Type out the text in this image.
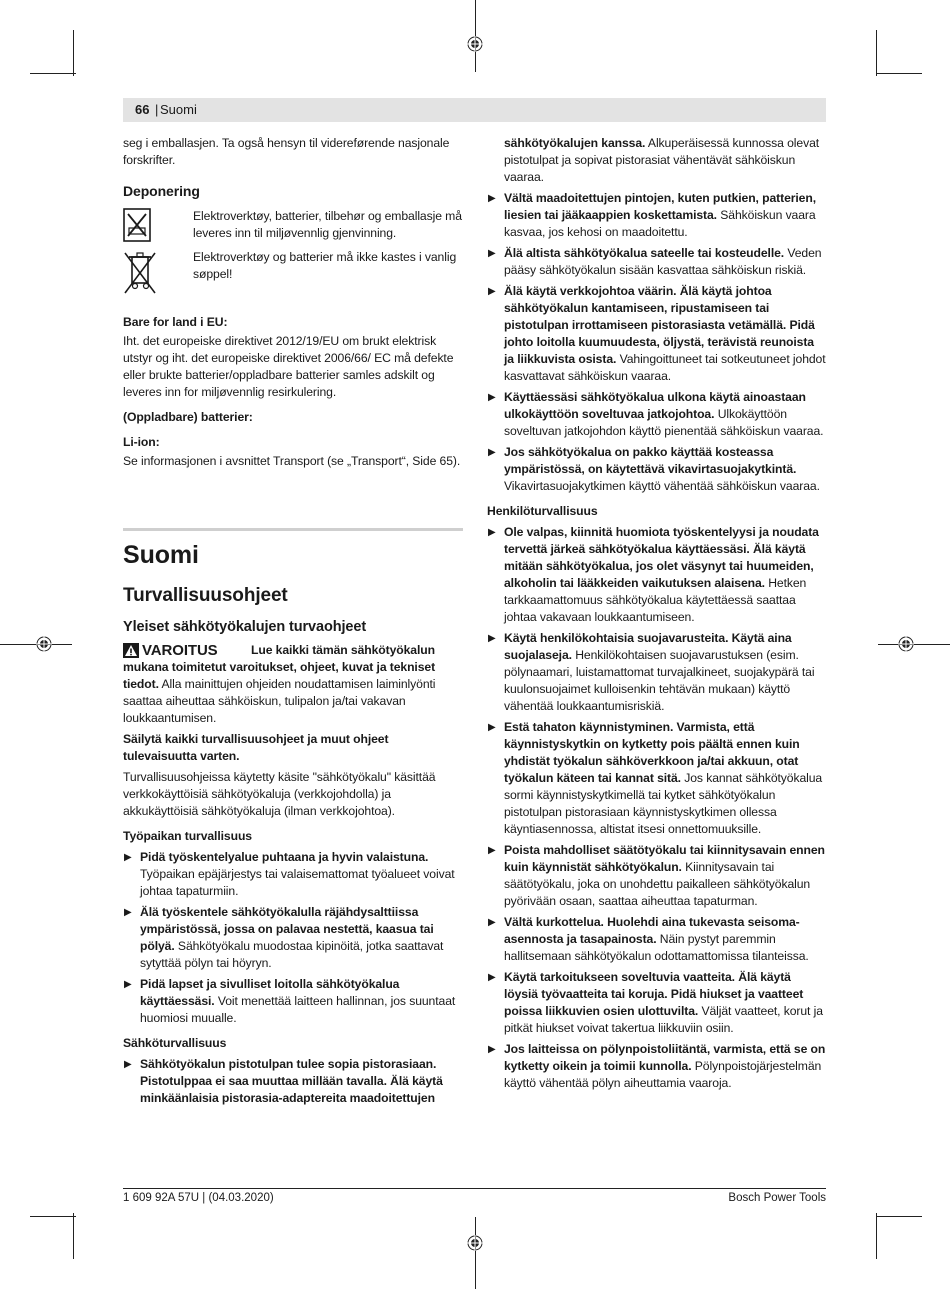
66 | Suomi

seg i emballasjen. Ta også hensyn til videreførende nasjonale forskrifter.

Deponering
Elektroverktøy, batterier, tilbehør og emballasje må leveres inn til miljøvennlig gjenvinning.
Elektroverktøy og batterier må ikke kastes i vanlig søppel!

Bare for land i EU:

Iht. det europeiske direktivet 2012/19/EU om brukt elektrisk utstyr og iht. det europeiske direktivet 2006/66/ EC må defekte eller brukte batterier/oppladbare batterier samles adskilt og leveres inn for miljøvennlig resirkulering.

(Oppladbare) batterier:

Li-ion:

Se informasjonen i avsnittet Transport (se „Transport“, Side 65).

Suomi
Turvallisuusohjeet
Yleiset sähkötyökalujen turvaohjeet
VAROITUS	Lue kaikki tämän sähkötyökalun mukana toimitetut varoitukset, ohjeet, kuvat ja tekniset tiedot. Alla mainittujen ohjeiden noudattamisen laiminlyönti saattaa aiheuttaa sähköiskun, tulipalon ja/tai vakavan loukkaantumisen.

Säilytä kaikki turvallisuusohjeet ja muut ohjeet tulevaisuutta varten.

Turvallisuusohjeissa käytetty käsite "sähkötyökalu" käsittää verkkokäyttöisiä sähkötyökaluja (verkkojohdolla) ja akkukäyttöisiä sähkötyökaluja (ilman verkkojohtoa).

Työpaikan turvallisuus

▶ Pidä työskentelyalue puhtaana ja hyvin valaistuna. Työpaikan epäjärjestys tai valaisemattomat työalueet voivat johtaa tapaturmiin.
▶ Älä työskentele sähkötyökalulla räjähdysalttiissa ympäristössä, jossa on palavaa nestettä, kaasua tai pölyä. Sähkötyökalu muodostaa kipinöitä, jotka saattavat sytyttää pölyn tai höyryn.
▶ Pidä lapset ja sivulliset loitolla sähkötyökalua käyttäessäsi. Voit menettää laitteen hallinnan, jos suuntaat huomiosi muualle.

Sähköturvallisuus

▶ Sähkötyökalun pistotulpan tulee sopia pistorasiaan. Pistotulppaa ei saa muuttaa millään tavalla. Älä käytä minkäänlaisia pistorasia-adaptereita maadoitettujen

sähkötyökalujen kanssa. Alkuperäisessä kunnossa olevat pistotulpat ja sopivat pistorasiat vähentävät sähköiskun vaaraa.

▶ Vältä maadoitettujen pintojen, kuten putkien, patterien, liesien tai jääkaappien koskettamista. Sähköiskun vaara kasvaa, jos kehosi on maadoitettu.
▶ Älä altista sähkötyökalua sateelle tai kosteudelle. Veden pääsy sähkötyökalun sisään kasvattaa sähköiskun riskiä.
▶ Älä käytä verkkojohtoa väärin. Älä käytä johtoa sähkötyökalun kantamiseen, ripustamiseen tai pistotulpan irrottamiseen pistorasiasta vetämällä. Pidä johto loitolla kuumuudesta, öljystä, terävistä reunoista ja liikkuvista osista. Vahingoittuneet tai sotkeutuneet johdot kasvattavat sähköiskun vaaraa.
▶ Käyttäessäsi sähkötyökalua ulkona käytä ainoastaan ulkokäyttöön soveltuvaa jatkojohtoa. Ulkokäyttöön soveltuvan jatkojohdon käyttö pienentää sähköiskun vaaraa.
▶ Jos sähkötyökalua on pakko käyttää kosteassa ympäristössä, on käytettävä vikavirtasuojakytkintä. Vikavirtasuojakytkimen käyttö vähentää sähköiskun vaaraa.

Henkilöturvallisuus

▶ Ole valpas, kiinnitä huomiota työskentelyysi ja noudata tervettä järkeä sähkötyökalua käyttäessäsi. Älä käytä mitään sähkötyökalua, jos olet väsynyt tai huumeiden, alkoholin tai lääkkeiden vaikutuksen alaisena. Hetken tarkkaamattomuus sähkötyökalua käytettäessä saattaa johtaa vakavaan loukkaantumiseen.
▶ Käytä henkilökohtaisia suojavarusteita. Käytä aina suojalaseja. Henkilökohtaisen suojavarustuksen (esim. pölynaamari, luistamattomat turvajalkineet, suojakypärä tai kuulonsuojaimet kulloisenkin tehtävän mukaan) käyttö vähentää loukkaantumisriskiä.
▶ Estä tahaton käynnistyminen. Varmista, että käynnistyskytkin on kytketty pois päältä ennen kuin yhdistät työkalun sähköverkkoon ja/tai akkuun, otat työkalun käteen tai kannat sitä. Jos kannat sähkötyökalua sormi käynnistyskytkimellä tai kytket sähkötyökalun pistotulpan pistorasiaan käynnistyskytkimen ollessa käyntiasennossa, altistat itsesi onnettomuuksille.
▶ Poista mahdolliset säätötyökalu tai kiinnitysavain ennen kuin käynnistät sähkötyökalun. Kiinnitysavain tai säätötyökalu, joka on unohdettu paikalleen sähkötyökalun pyörivään osaan, saattaa aiheuttaa tapaturman.
▶ Vältä kurkottelua. Huolehdi aina tukevasta seisoma-asennosta ja tasapainosta. Näin pystyt paremmin hallitsemaan sähkötyökalun odottamattomissa tilanteissa.
▶ Käytä tarkoitukseen soveltuvia vaatteita. Älä käytä löysiä työvaatteita tai koruja. Pidä hiukset ja vaatteet poissa liikkuvien osien ulottuvilta. Väljät vaatteet, korut ja pitkät hiukset voivat takertua liikkuviin osiin.
▶ Jos laitteissa on pölynpoistoliitäntä, varmista, että se on kytketty oikein ja toimii kunnolla. Pölynpoistojärjestelmän käyttö vähentää pölyn aiheuttamia vaaroja.
1 609 92A 57U | (04.03.2020)	Bosch Power Tools
